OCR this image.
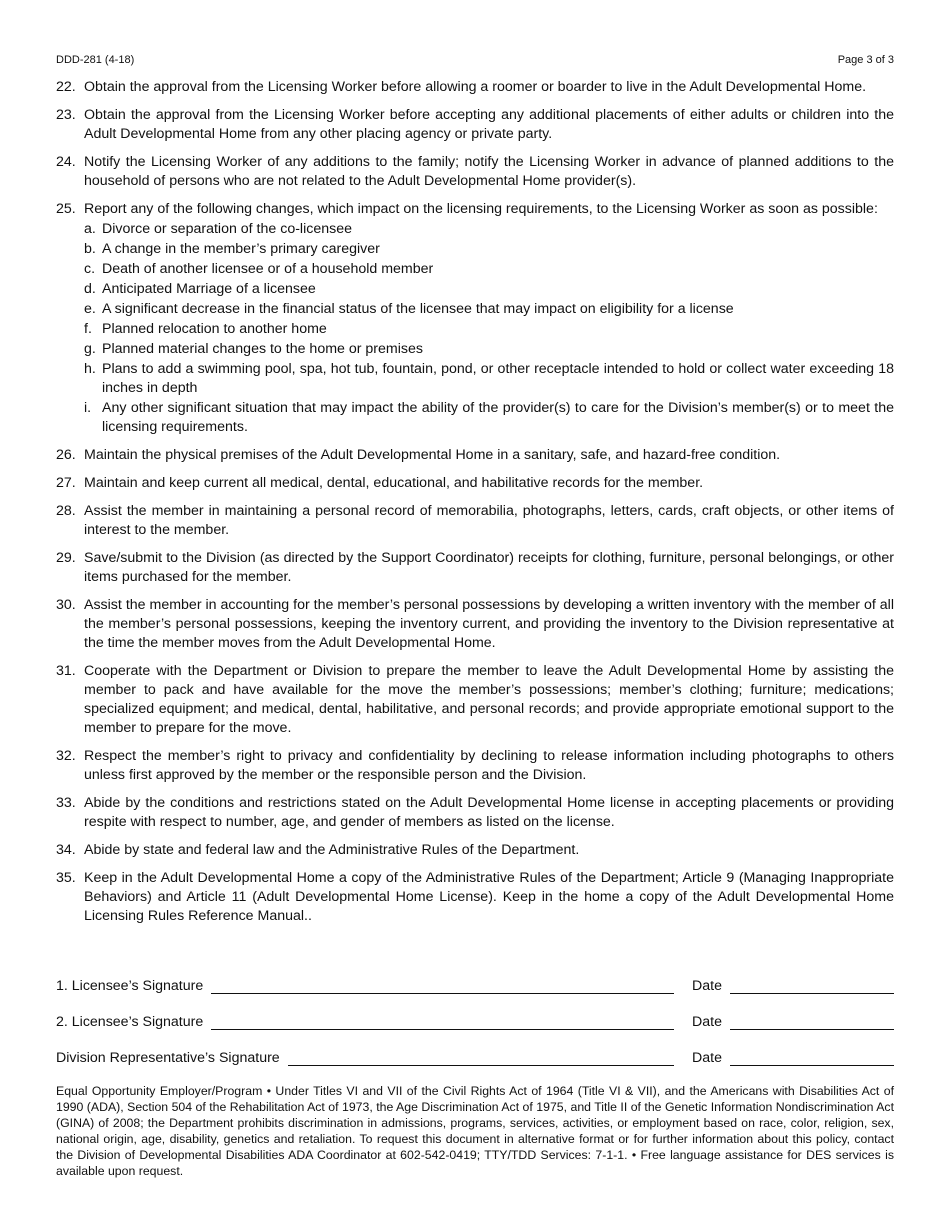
DDD-281 (4-18)	Page 3 of 3
22. Obtain the approval from the Licensing Worker before allowing a roomer or boarder to live in the Adult Developmental Home.
23. Obtain the approval from the Licensing Worker before accepting any additional placements of either adults or children into the Adult Developmental Home from any other placing agency or private party.
24. Notify the Licensing Worker of any additions to the family; notify the Licensing Worker in advance of planned additions to the household of persons who are not related to the Adult Developmental Home provider(s).
25. Report any of the following changes, which impact on the licensing requirements, to the Licensing Worker as soon as possible:
a. Divorce or separation of the co-licensee
b. A change in the member’s primary caregiver
c. Death of another licensee or of a household member
d. Anticipated Marriage of a licensee
e. A significant decrease in the financial status of the licensee that may impact on eligibility for a license
f. Planned relocation to another home
g. Planned material changes to the home or premises
h. Plans to add a swimming pool, spa, hot tub, fountain, pond, or other receptacle intended to hold or collect water exceeding 18 inches in depth
i. Any other significant situation that may impact the ability of the provider(s) to care for the Division’s member(s) or to meet the licensing requirements.
26. Maintain the physical premises of the Adult Developmental Home in a sanitary, safe, and hazard-free condition.
27. Maintain and keep current all medical, dental, educational, and habilitative records for the member.
28. Assist the member in maintaining a personal record of memorabilia, photographs, letters, cards, craft objects, or other items of interest to the member.
29. Save/submit to the Division (as directed by the Support Coordinator) receipts for clothing, furniture, personal belongings, or other items purchased for the member.
30. Assist the member in accounting for the member’s personal possessions by developing a written inventory with the member of all the member’s personal possessions, keeping the inventory current, and providing the inventory to the Division representative at the time the member moves from the Adult Developmental Home.
31. Cooperate with the Department or Division to prepare the member to leave the Adult Developmental Home by assisting the member to pack and have available for the move the member’s possessions; member’s clothing; furniture; medications; specialized equipment; and medical, dental, habilitative, and personal records; and provide appropriate emotional support to the member to prepare for the move.
32. Respect the member’s right to privacy and confidentiality by declining to release information including photographs to others unless first approved by the member or the responsible person and the Division.
33. Abide by the conditions and restrictions stated on the Adult Developmental Home license in accepting placements or providing respite with respect to number, age, and gender of members as listed on the license.
34. Abide by state and federal law and the Administrative Rules of the Department.
35. Keep in the Adult Developmental Home a copy of the Administrative Rules of the Department; Article 9 (Managing Inappropriate Behaviors) and Article 11 (Adult Developmental Home License). Keep in the home a copy of the Adult Developmental Home Licensing Rules Reference Manual..
1. Licensee’s Signature	Date
2. Licensee’s Signature	Date
Division Representative’s Signature	Date
Equal Opportunity Employer/Program • Under Titles VI and VII of the Civil Rights Act of 1964 (Title VI & VII), and the Americans with Disabilities Act of 1990 (ADA), Section 504 of the Rehabilitation Act of 1973, the Age Discrimination Act of 1975, and Title II of the Genetic Information Nondiscrimination Act (GINA) of 2008; the Department prohibits discrimination in admissions, programs, services, activities, or employment based on race, color, religion, sex, national origin, age, disability, genetics and retaliation. To request this document in alternative format or for further information about this policy, contact the Division of Developmental Disabilities ADA Coordinator at 602-542-0419; TTY/TDD Services: 7-1-1. • Free language assistance for DES services is available upon request.
